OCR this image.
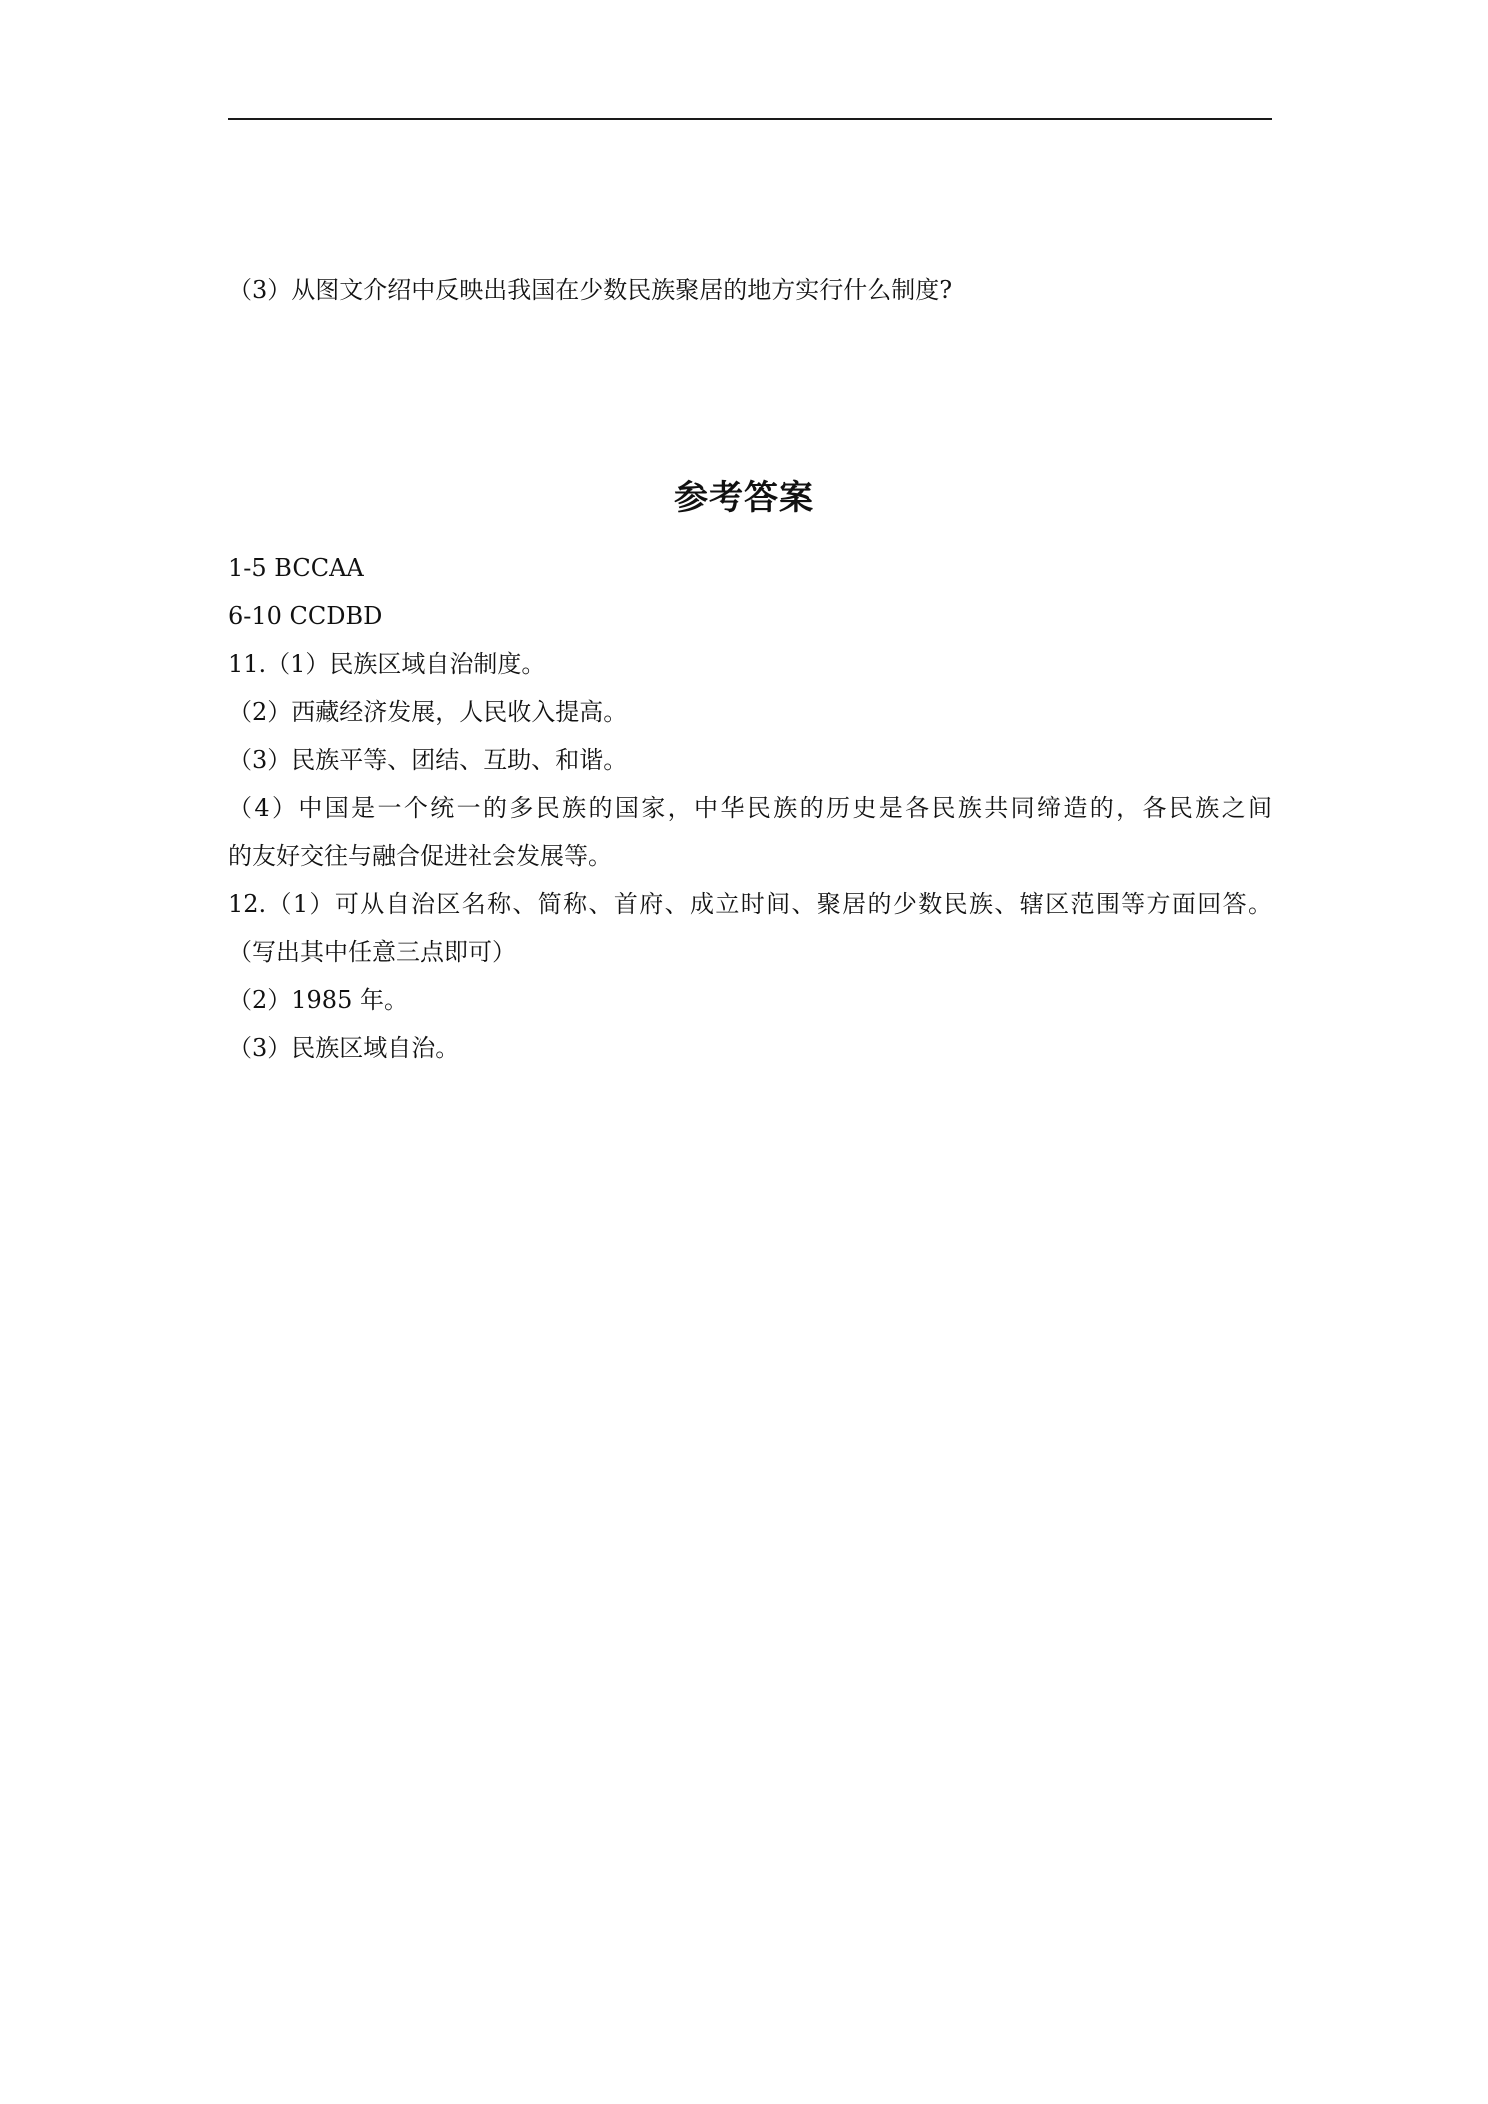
（3）从图文介绍中反映出我国在少数民族聚居的地方实行什么制度?
参考答案
1-5 BCCAA
6-10 CCDBD
11.（1）民族区域自治制度。
（2）西藏经济发展，人民收入提高。
（3）民族平等、团结、互助、和谐。
（4）中国是一个统一的多民族的国家，中华民族的历史是各民族共同缔造的，各民族之间
的友好交往与融合促进社会发展等。
12.（1）可从自治区名称、简称、首府、成立时间、聚居的少数民族、辖区范围等方面回答。
（写出其中任意三点即可）
（2）1985 年。
（3）民族区域自治。
